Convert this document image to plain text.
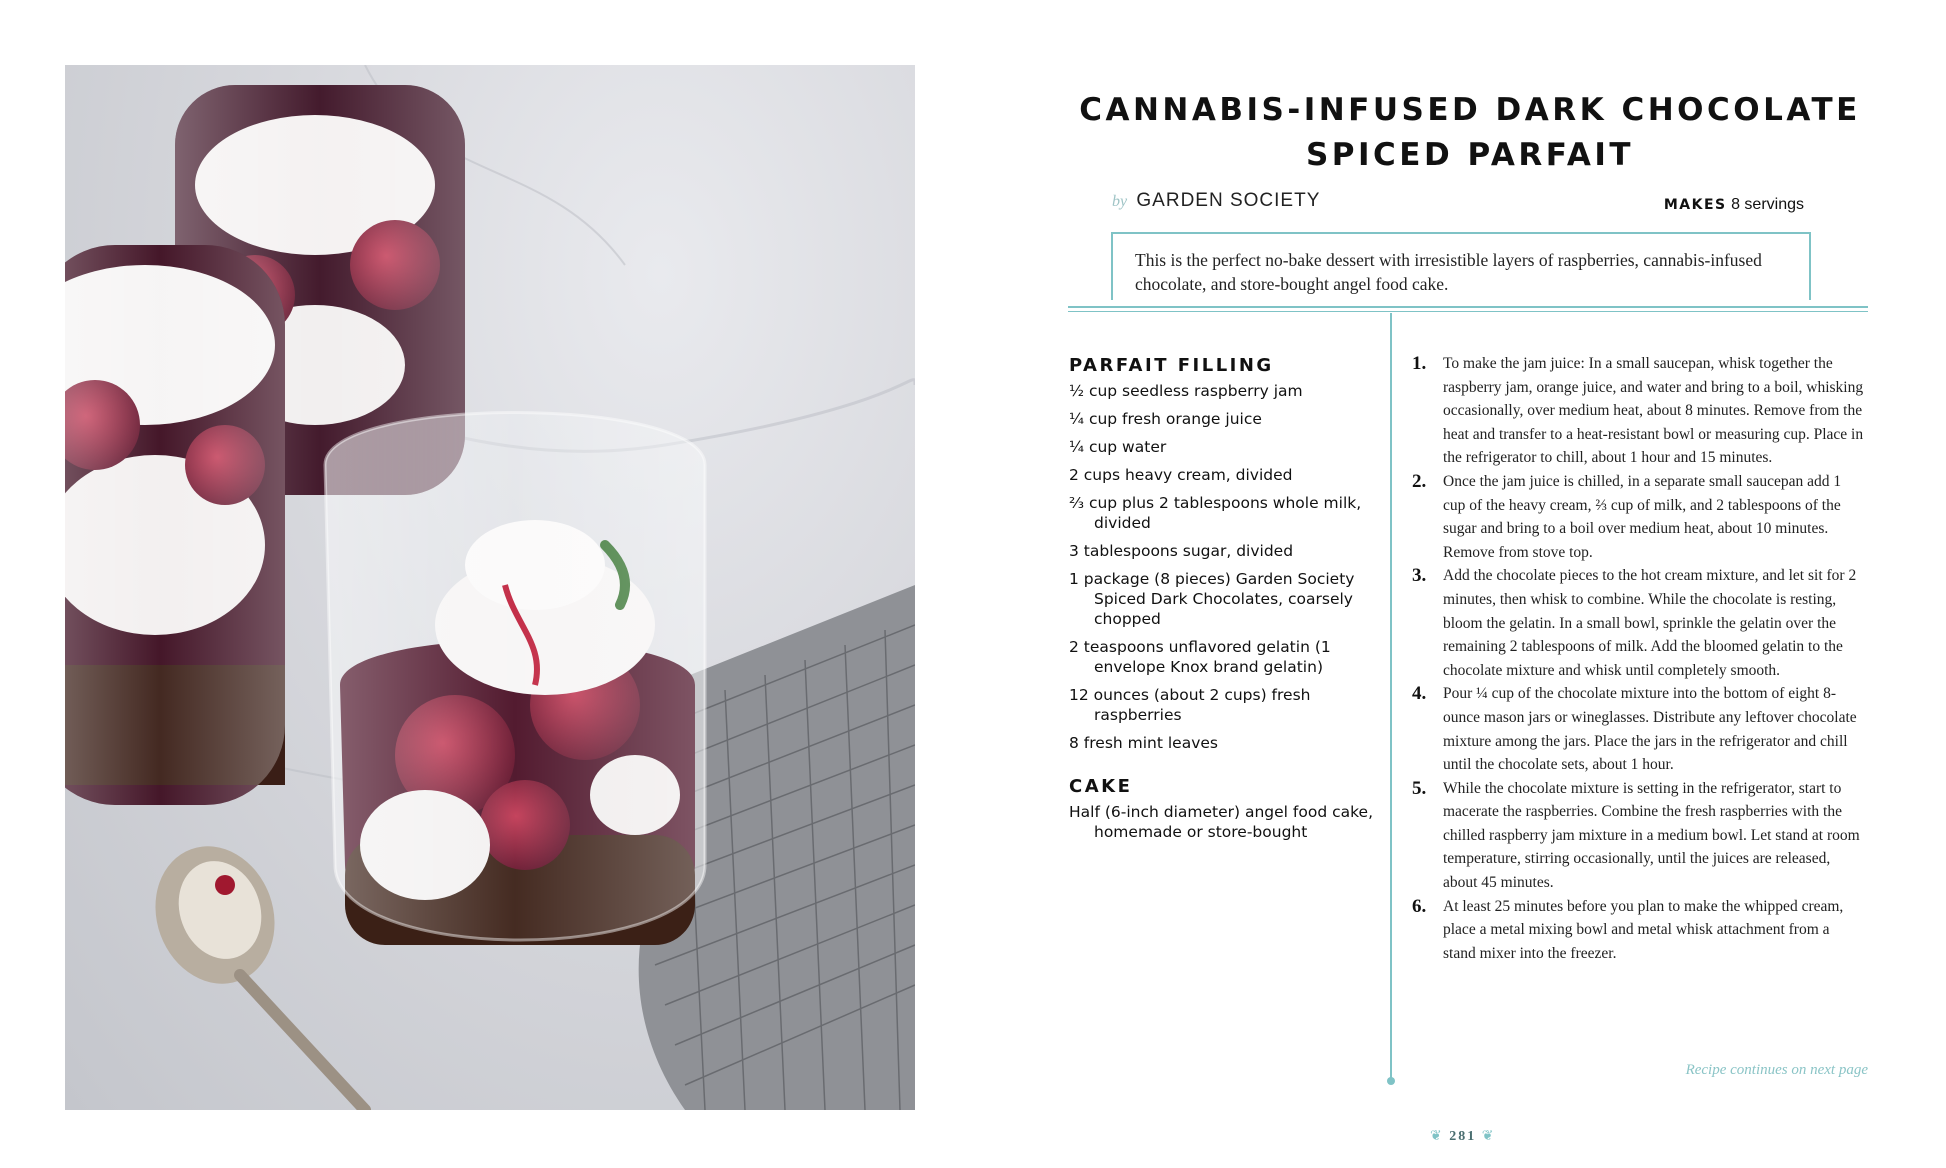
CANNABIS-INFUSED DARK CHOCOLATE
SPICED PARFAIT
by GARDEN SOCIETY	MAKES 8 servings
This is the perfect no-bake dessert with irresistible layers of raspberries, cannabis-infused chocolate, and store-bought angel food cake.
PARFAIT FILLING
½ cup seedless raspberry jam
¼ cup fresh orange juice
¼ cup water
2 cups heavy cream, divided
⅔ cup plus 2 tablespoons whole milk, divided
3 tablespoons sugar, divided
1 package (8 pieces) Garden Society Spiced Dark Chocolates, coarsely chopped
2 teaspoons unflavored gelatin (1 envelope Knox brand gelatin)
12 ounces (about 2 cups) fresh raspberries
8 fresh mint leaves
CAKE
Half (6-inch diameter) angel food cake, homemade or store-bought
1. To make the jam juice: In a small saucepan, whisk together the raspberry jam, orange juice, and water and bring to a boil, whisking occasionally, over medium heat, about 8 minutes. Remove from the heat and transfer to a heat-resistant bowl or measuring cup. Place in the refrigerator to chill, about 1 hour and 15 minutes.
2. Once the jam juice is chilled, in a separate small saucepan add 1 cup of the heavy cream, ⅔ cup of milk, and 2 tablespoons of the sugar and bring to a boil over medium heat, about 10 minutes. Remove from stove top.
3. Add the chocolate pieces to the hot cream mixture, and let sit for 2 minutes, then whisk to combine. While the chocolate is resting, bloom the gelatin. In a small bowl, sprinkle the gelatin over the remaining 2 tablespoons of milk. Add the bloomed gelatin to the chocolate mixture and whisk until completely smooth.
4. Pour ¼ cup of the chocolate mixture into the bottom of eight 8-ounce mason jars or wineglasses. Distribute any leftover chocolate mixture among the jars. Place the jars in the refrigerator and chill until the chocolate sets, about 1 hour.
5. While the chocolate mixture is setting in the refrigerator, start to macerate the raspberries. Combine the fresh raspberries with the chilled raspberry jam mixture in a medium bowl. Let stand at room temperature, stirring occasionally, until the juices are released, about 45 minutes.
6. At least 25 minutes before you plan to make the whipped cream, place a metal mixing bowl and metal whisk attachment from a stand mixer into the freezer.
Recipe continues on next page
❦ 281 ❦
